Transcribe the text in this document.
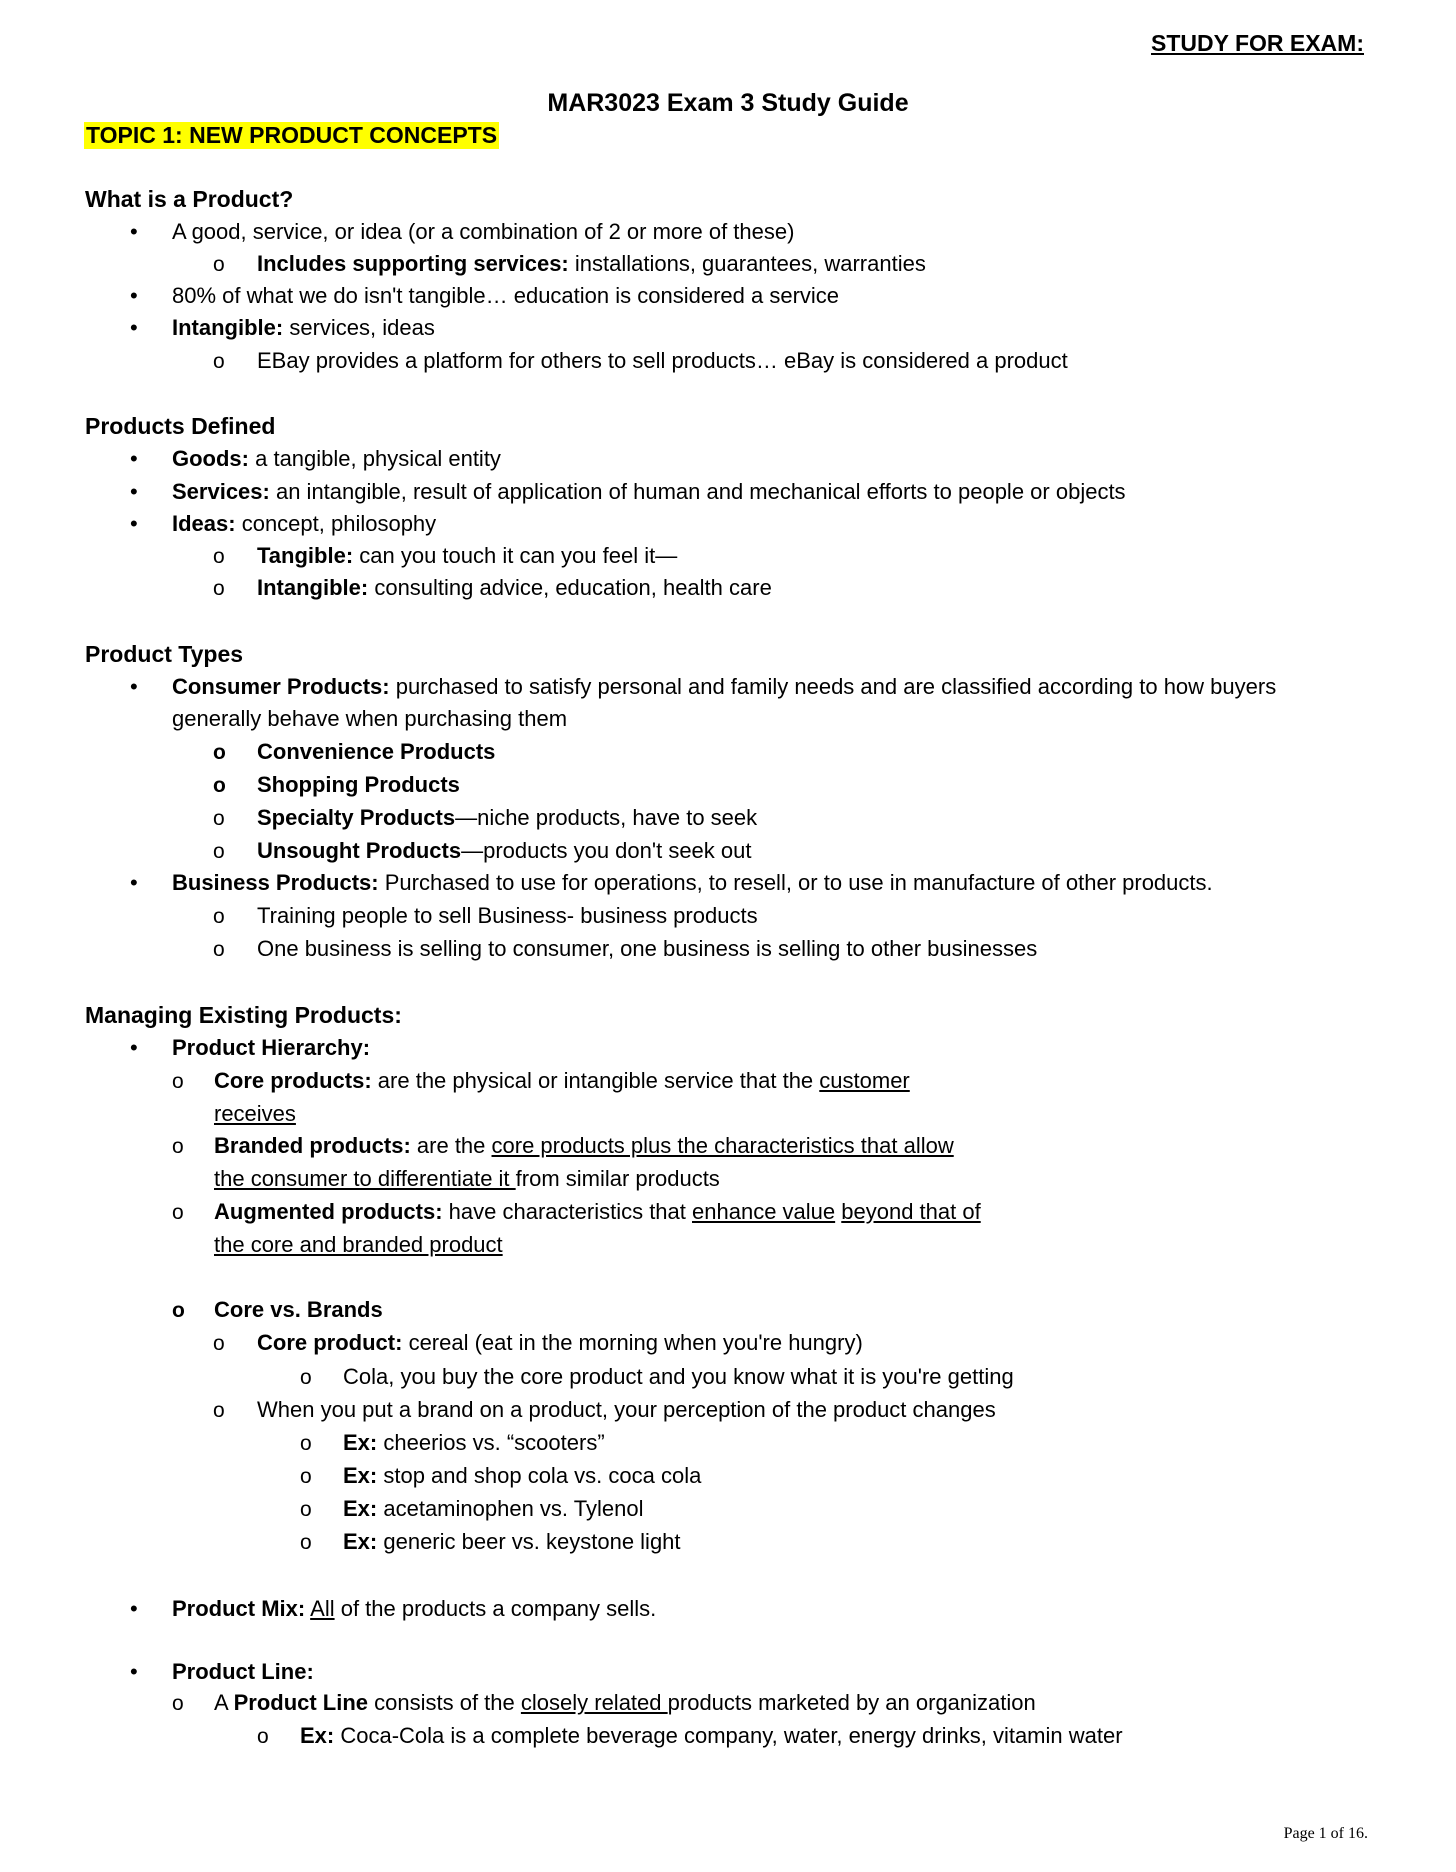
STUDY FOR EXAM:
MAR3023 Exam 3 Study Guide
TOPIC 1: NEW PRODUCT CONCEPTS
What is a Product?
•
A good, service, or idea (or a combination of 2 or more of these)
o
Includes supporting services: installations, guarantees, warranties
•
80% of what we do isn't tangible… education is considered a service
•
Intangible: services, ideas
o
EBay provides a platform for others to sell products… eBay is considered a product
Products Defined
•
Goods: a tangible, physical entity
•
Services: an intangible, result of application of human and mechanical efforts to people or objects
•
Ideas: concept, philosophy
o
Tangible: can you touch it can you feel it—
o
Intangible: consulting advice, education, health care
Product Types
•
Consumer Products: purchased to satisfy personal and family needs and are classified according to how buyers
generally behave when purchasing them
o
Convenience Products
o
Shopping Products
o
Specialty Products—niche products, have to seek
o
Unsought Products—products you don't seek out
•
Business Products: Purchased to use for operations, to resell, or to use in manufacture of other products.
o
Training people to sell Business- business products
o
One business is selling to consumer, one business is selling to other businesses
Managing Existing Products:
•
Product Hierarchy:
o
Core products: are the physical or intangible service that the customer
receives
o
Branded products: are the core products plus the characteristics that allow
the consumer to differentiate it from similar products
o
Augmented products: have characteristics that enhance value beyond that of
the core and branded product
o
Core vs. Brands
o
Core product: cereal (eat in the morning when you're hungry)
o
Cola, you buy the core product and you know what it is you're getting
o
When you put a brand on a product, your perception of the product changes
o
Ex: cheerios vs. “scooters”
o
Ex: stop and shop cola vs. coca cola
o
Ex: acetaminophen vs. Tylenol
o
Ex: generic beer vs. keystone light
•
Product Mix: All of the products a company sells.
•
Product Line:
o
A Product Line consists of the closely related products marketed by an organization
o
Ex: Coca-Cola is a complete beverage company, water, energy drinks, vitamin water
Page 1 of 16.
